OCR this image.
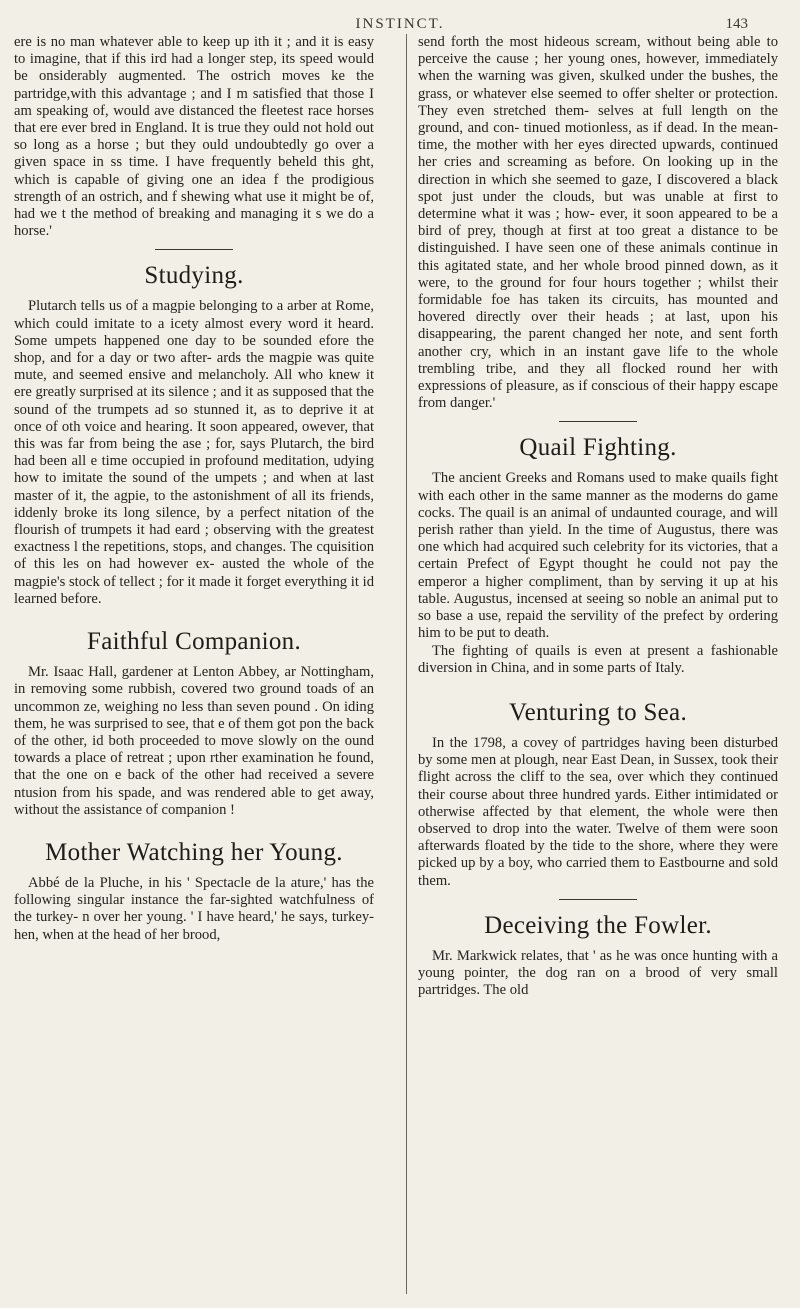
INSTINCT.	143

ere is no man whatever able to keep up ith it ; and it is easy to imagine, that if this ird had a longer step, its speed would be onsiderably augmented. The ostrich moves ke the partridge,with this advantage ; and I m satisfied that those I am speaking of, would ave distanced the fleetest race horses that ere ever bred in England. It is true they ould not hold out so long as a horse ; but they ould undoubtedly go over a given space in ss time. I have frequently beheld this ght, which is capable of giving one an idea f the prodigious strength of an ostrich, and f shewing what use it might be of, had we t the method of breaking and managing it s we do a horse.'

Studying.

Plutarch tells us of a magpie belonging to a arber at Rome, which could imitate to a icety almost every word it heard. Some umpets happened one day to be sounded efore the shop, and for a day or two after- ards the magpie was quite mute, and seemed ensive and melancholy. All who knew it ere greatly surprised at its silence ; and it as supposed that the sound of the trumpets ad so stunned it, as to deprive it at once of oth voice and hearing. It soon appeared, owever, that this was far from being the ase ; for, says Plutarch, the bird had been all e time occupied in profound meditation, udying how to imitate the sound of the umpets ; and when at last master of it, the agpie, to the astonishment of all its friends, iddenly broke its long silence, by a perfect nitation of the flourish of trumpets it had eard ; observing with the greatest exactness l the repetitions, stops, and changes. The cquisition of this les on had however ex- austed the whole of the magpie's stock of tellect ; for it made it forget everything it id learned before.

Faithful Companion.

Mr. Isaac Hall, gardener at Lenton Abbey, ar Nottingham, in removing some rubbish, covered two ground toads of an uncommon ze, weighing no less than seven pound . On iding them, he was surprised to see, that e of them got pon the back of the other, id both proceeded to move slowly on the ound towards a place of retreat ; upon rther examination he found, that the one on e back of the other had received a severe ntusion from his spade, and was rendered able to get away, without the assistance of companion !

Mother Watching her Young.

Abbé de la Pluche, in his ' Spectacle de la ature,' has the following singular instance the far-sighted watchfulness of the turkey- n over her young. ' I have heard,' he says, turkey-hen, when at the head of her brood,

send forth the most hideous scream, without being able to perceive the cause ; her young ones, however, immediately when the warning was given, skulked under the bushes, the grass, or whatever else seemed to offer shelter or protection. They even stretched them- selves at full length on the ground, and con- tinued motionless, as if dead. In the mean- time, the mother with her eyes directed upwards, continued her cries and screaming as before. On looking up in the direction in which she seemed to gaze, I discovered a black spot just under the clouds, but was unable at first to determine what it was ; how- ever, it soon appeared to be a bird of prey, though at first at too great a distance to be distinguished. I have seen one of these animals continue in this agitated state, and her whole brood pinned down, as it were, to the ground for four hours together ; whilst their formidable foe has taken its circuits, has mounted and hovered directly over their heads ; at last, upon his disappearing, the parent changed her note, and sent forth another cry, which in an instant gave life to the whole trembling tribe, and they all flocked round her with expressions of pleasure, as if conscious of their happy escape from danger.'

Quail Fighting.

The ancient Greeks and Romans used to make quails fight with each other in the same manner as the moderns do game cocks. The quail is an animal of undaunted courage, and will perish rather than yield. In the time of Augustus, there was one which had acquired such celebrity for its victories, that a certain Prefect of Egypt thought he could not pay the emperor a higher compliment, than by serving it up at his table. Augustus, incensed at seeing so noble an animal put to so base a use, repaid the servility of the prefect by ordering him to be put to death.

The fighting of quails is even at present a fashionable diversion in China, and in some parts of Italy.

Venturing to Sea.

In the 1798, a covey of partridges having been disturbed by some men at plough, near East Dean, in Sussex, took their flight across the cliff to the sea, over which they continued their course about three hundred yards. Either intimidated or otherwise affected by that element, the whole were then observed to drop into the water. Twelve of them were soon afterwards floated by the tide to the shore, where they were picked up by a boy, who carried them to Eastbourne and sold them.

Deceiving the Fowler.

Mr. Markwick relates, that ' as he was once hunting with a young pointer, the dog ran on a brood of very small partridges. The old
